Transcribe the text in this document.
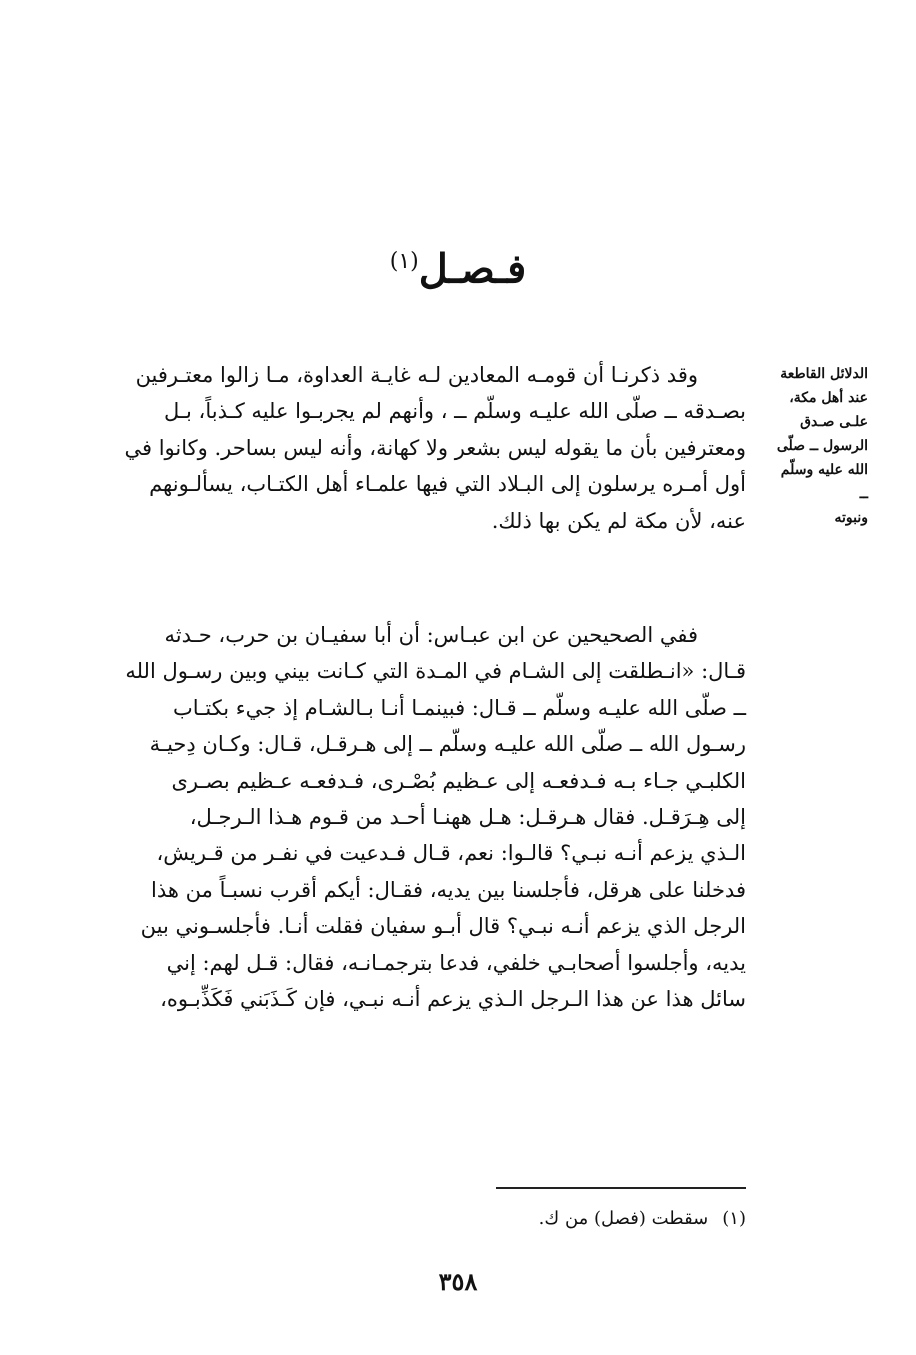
فـصـل$^{(١)}$
الدلائل القاطعة
عند أهل مكة،
علـى صـدق
الرسول ــ صلّى
الله عليه وسلّم ــ
ونبوته
وقد ذكرنـا أن قومـه المعادين لـه غايـة العداوة، مـا زالوا معتـرفين
بصـدقه ــ صلّى الله عليـه وسلّم ــ ، وأنهم لم يجربـوا عليه كـذباً، بـل
ومعترفين بأن ما يقوله ليس بشعر ولا كهانة، وأنه ليس بساحر. وكانوا في
أول أمـره يرسلون إلى البـلاد التي فيها علمـاء أهل الكتـاب، يسألـونهم
عنه، لأن مكة لم يكن بها ذلك.
ففي الصحيحين عن ابن عبـاس: أن أبا سفيـان بن حرب، حـدثه
قـال: «انـطلقت إلى الشـام في المـدة التي كـانت بيني وبين رسـول الله
ــ صلّى الله عليـه وسلّم ــ قـال: فبينمـا أنـا بـالشـام إذ جيء بكتـاب
رسـول الله ــ صلّى الله عليـه وسلّم ــ إلى هـرقـل، قـال: وكـان دِحيـة
الكلبـي جـاء بـه فـدفعـه إلى عـظيم بُصْـرى، فـدفعـه عـظيم بصـرى
إلى هِـرَقـل. فقال هـرقـل: هـل ههنـا أحـد من قـوم هـذا الـرجـل،
الـذي يزعم أنـه نبـي؟ قالـوا: نعم، قـال فـدعيت في نفـر من قـريش،
فدخلنا على هرقل، فأجلسنا بين يديه، فقـال: أيكم أقرب نسبـاً من هذا
الرجل الذي يزعم أنـه نبـي؟ قال أبـو سفيان فقلت أنـا. فأجلسـوني بين
يديه، وأجلسوا أصحابـي خلفي، فدعا بترجمـانـه، فقال: قـل لهم: إني
سائل هذا عن هذا الـرجل الـذي يزعم أنـه نبـي، فإن كَـذَبَني فَكَذِّبـوه،
(١)سقطت (فصل) من ك.
٣٥٨
